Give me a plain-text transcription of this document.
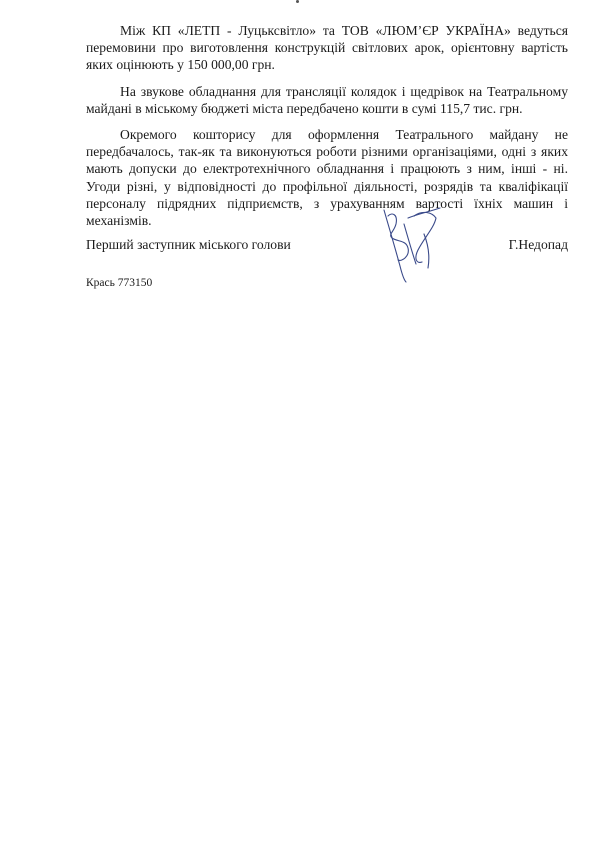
Між КП «ЛЕТП - Луцьксвітло» та ТОВ «ЛЮМ’ЄР УКРАЇНА» ведуться перемовини про виготовлення конструкцій світлових арок, орієнтовну вартість яких оцінюють у 150 000,00 грн.

На звукове обладнання для трансляції колядок і щедрівок на Театральному майдані в міському бюджеті міста передбачено кошти в сумі 115,7 тис. грн.

Окремого кошторису для оформлення Театрального майдану не передбачалось, так-як та виконуються роботи різними організаціями, одні з яких мають допуски до електротехнічного обладнання і працюють з ним, інші - ні. Угоди різні, у відповідності до профільної діяльності, розрядів та кваліфікації персоналу підрядних підприємств, з урахуванням вартості їхніх машин і механізмів.

Перший заступник міського голови	Г.Недопад
Крась 773150
